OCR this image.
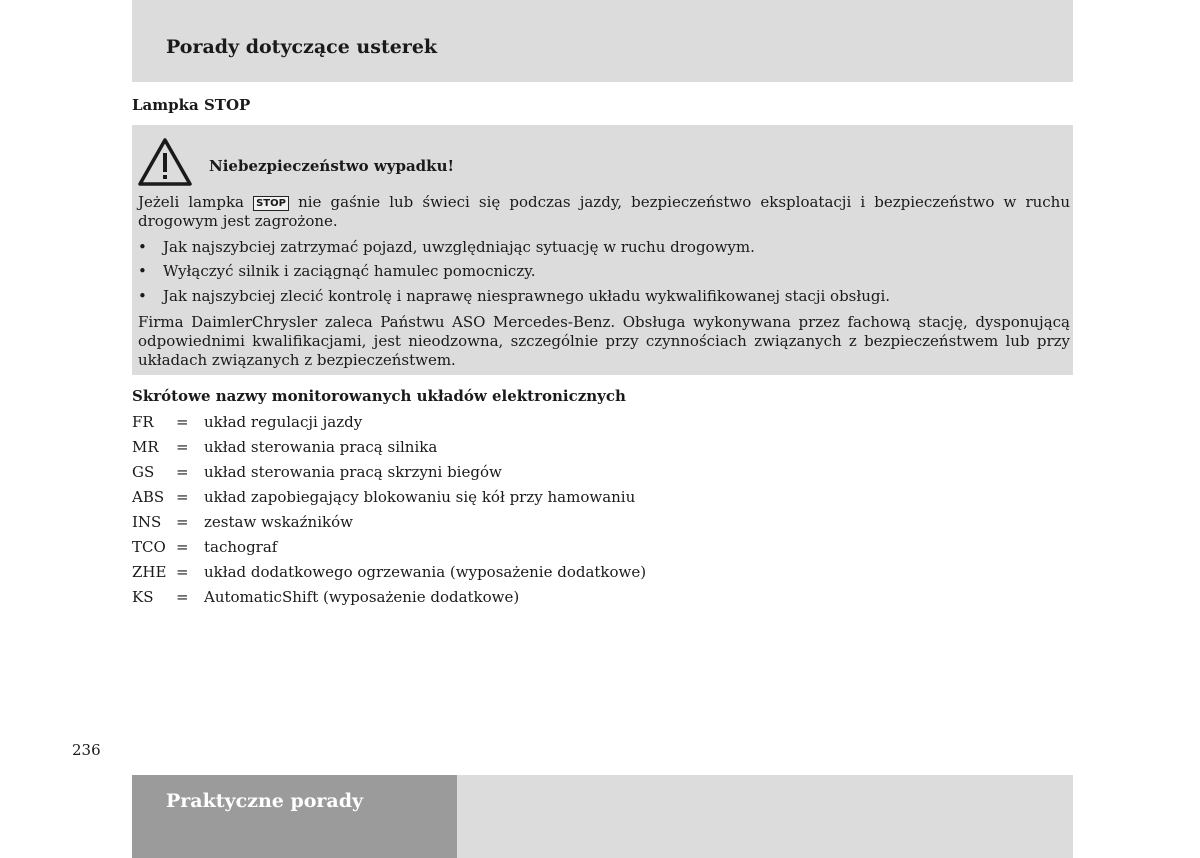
Porady dotyczące usterek
Lampka STOP
Niebezpieczeństwo wypadku!
Jeżeli lampka STOP nie gaśnie lub świeci się podczas jazdy, bezpieczeństwo eksploatacji i bezpieczeństwo w ruchu drogowym jest zagrożone.
• Jak najszybciej zatrzymać pojazd, uwzględniając sytuację w ruchu drogowym.
• Wyłączyć silnik i zaciągnąć hamulec pomocniczy.
• Jak najszybciej zlecić kontrolę i naprawę niesprawnego układu wykwalifikowanej stacji obsługi.
Firma DaimlerChrysler zaleca Państwu ASO Mercedes-Benz. Obsługa wykonywana przez fachową stację, dysponującą odpowiednimi kwalifikacjami, jest nieodzowna, szczególnie przy czynnościach związanych z bezpieczeństwem lub przy układach związanych z bezpieczeństwem.
Skrótowe nazwy monitorowanych układów elektronicznych
FR	=	układ regulacji jazdy
MR	=	układ sterowania pracą silnika
GS	=	układ sterowania pracą skrzyni biegów
ABS =	układ zapobiegający blokowaniu się kół przy hamowaniu
INS =	zestaw wskaźników
TCO =	tachograf
ZHE =	układ dodatkowego ogrzewania (wyposażenie dodatkowe)
KS	=	AutomaticShift (wyposażenie dodatkowe)
236
Praktyczne porady
